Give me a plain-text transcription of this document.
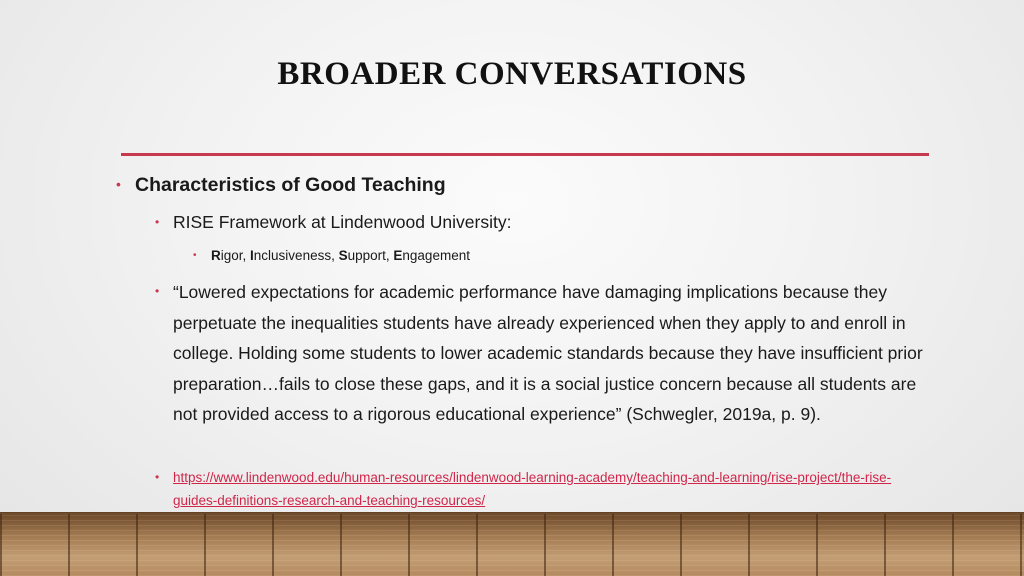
BROADER CONVERSATIONS
• Characteristics of Good Teaching
• RISE Framework at Lindenwood University:
• Rigor, Inclusiveness, Support, Engagement
• “Lowered expectations for academic performance have damaging implications because they perpetuate the inequalities students have already experienced when they apply to and enroll in college. Holding some students to lower academic standards because they have insufficient prior preparation…fails to close these gaps, and it is a social justice concern because all students are not provided access to a rigorous educational experience” (Schwegler, 2019a, p. 9).
• https://www.lindenwood.edu/human-resources/lindenwood-learning-academy/teaching-and-learning/rise-project/the-rise-guides-definitions-research-and-teaching-resources/
